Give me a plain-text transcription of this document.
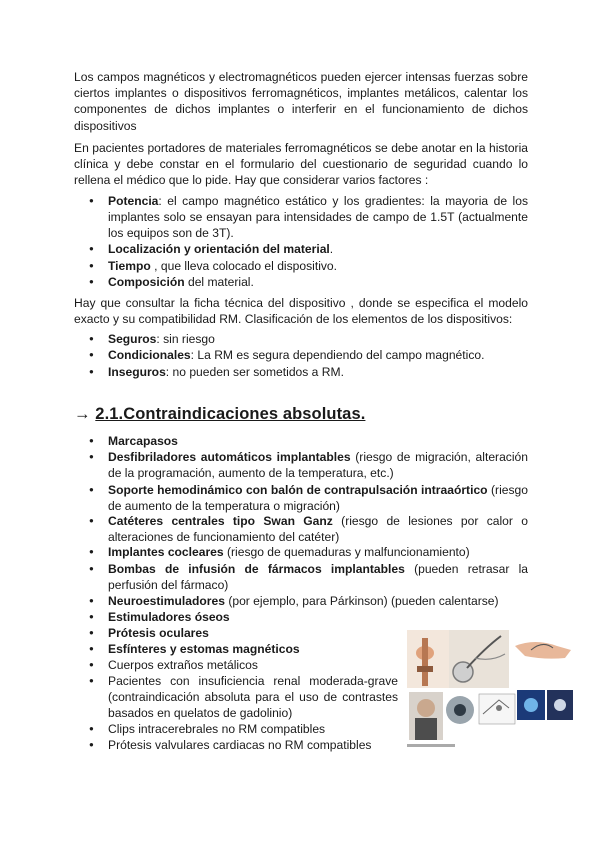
Los campos magnéticos y electromagnéticos pueden ejercer intensas fuerzas sobre ciertos implantes o dispositivos ferromagnéticos, implantes metálicos, calentar los componentes de dichos implantes o interferir en el funcionamiento de dichos dispositivos

En pacientes portadores de materiales ferromagnéticos se debe anotar en la historia clínica y debe constar en el formulario del cuestionario de seguridad cuando lo rellena el médico que lo pide. Hay que considerar varios factores :

● Potencia: el campo magnético estático y los gradientes: la mayoria de los implantes solo se ensayan para intensidades de campo de 1.5T (actualmente los equipos son de 3T).

● Localización y orientación del material.

● Tiempo , que lleva colocado el dispositivo.

● Composición del material.

Hay que consultar la ficha técnica del dispositivo , donde se especifica el modelo exacto y su compatibilidad RM. Clasificación de los elementos de los dispositivos:

● Seguros: sin riesgo

● Condicionales: La RM es segura dependiendo del campo magnético.

● Inseguros: no pueden ser sometidos a RM.

→ 2.1.Contraindicaciones absolutas.

● Marcapasos

● Desfibriladores automáticos implantables (riesgo de migración, alteración de la programación, aumento de la temperatura, etc.)

● Soporte hemodinámico con balón de contrapulsación intraaórtico (riesgo de aumento de la temperatura o migración)

● Catéteres centrales tipo Swan Ganz (riesgo de lesiones por calor o alteraciones de funcionamiento del catéter)

● Implantes cocleares (riesgo de quemaduras y malfuncionamiento)

● Bombas de infusión de fármacos implantables (pueden retrasar la perfusión del fármaco)

● Neuroestimuladores (por ejemplo, para Párkinson) (pueden calentarse)

● Estimuladores óseos

● Prótesis oculares

● Esfínteres y estomas magnéticos

● Cuerpos extraños metálicos

● Pacientes con insuficiencia renal moderada-grave (contraindicación absoluta para el uso de contrastes basados en quelatos de gadolinio)

● Clips intracerebrales no RM compatibles

● Prótesis valvulares cardiacas no RM compatibles
